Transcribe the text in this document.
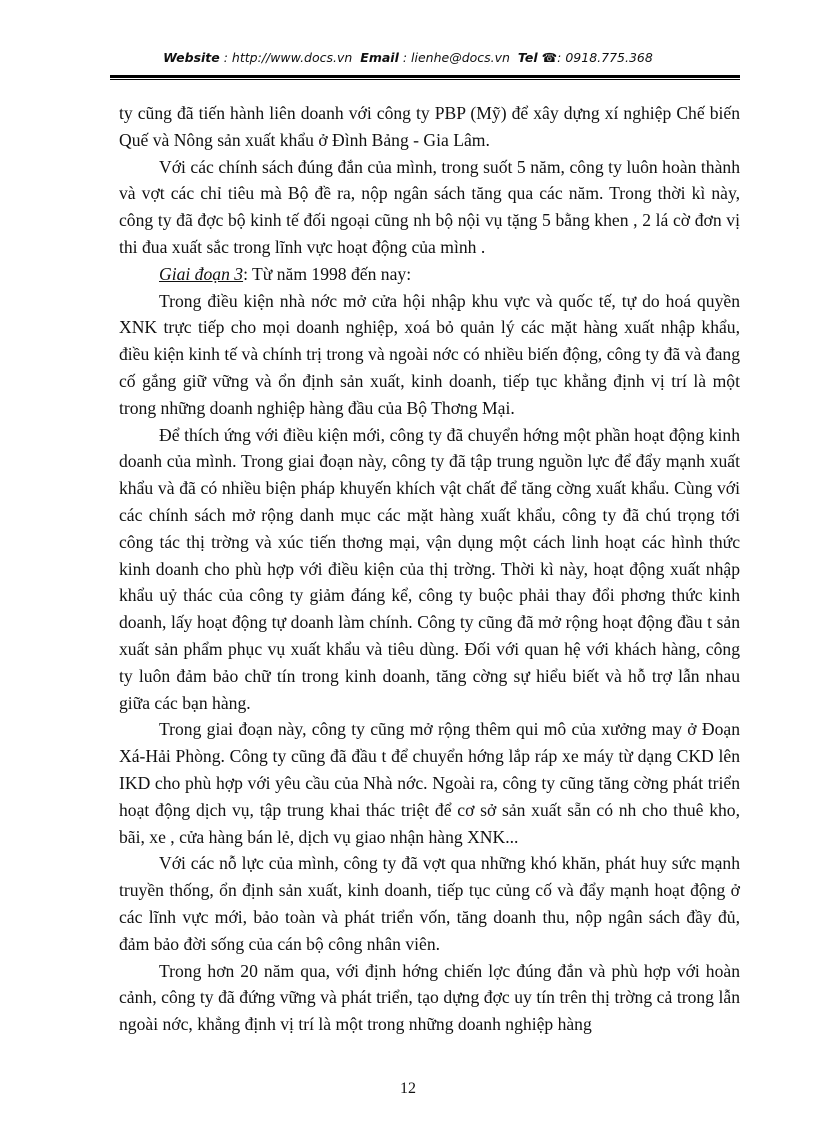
Website : http://www.docs.vn Email : lienhe@docs.vn Tel ☎: 0918.775.368

ty cũng đã tiến hành liên doanh với công ty PBP (Mỹ) để xây dựng xí nghiệp Chế biến Quế và Nông sản xuất khẩu ở Đình Bảng - Gia Lâm.

Với các chính sách đúng đắn của mình, trong suốt 5 năm, công ty luôn hoàn thành và vợt các chỉ tiêu mà Bộ đề ra, nộp ngân sách tăng qua các năm. Trong thời kì này, công ty đã đợc bộ kinh tế đối ngoại cũng nh bộ nội vụ tặng 5 bằng khen , 2 lá cờ đơn vị thi đua xuất sắc trong lĩnh vực hoạt động của mình .

Giai đoạn 3: Từ năm 1998 đến nay:

Trong điều kiện nhà nớc mở cửa hội nhập khu vực và quốc tế, tự do hoá quyền XNK trực tiếp cho mọi doanh nghiệp, xoá bỏ quản lý các mặt hàng xuất nhập khẩu, điều kiện kinh tế và chính trị trong và ngoài nớc có nhiều biến động, công ty đã và đang cố gắng giữ vững và ổn định sản xuất, kinh doanh, tiếp tục khẳng định vị trí là một trong những doanh nghiệp hàng đầu của Bộ Thơng Mại.

Để thích ứng với điều kiện mới, công ty đã chuyển hớng một phần hoạt động kinh doanh của mình. Trong giai đoạn này, công ty đã tập trung nguồn lực để đẩy mạnh xuất khẩu và đã có nhiều biện pháp khuyến khích vật chất để tăng cờng xuất khẩu. Cùng với các chính sách mở rộng danh mục các mặt hàng xuất khẩu, công ty đã chú trọng tới công tác thị trờng và xúc tiến thơng mại, vận dụng một cách linh hoạt các hình thức kinh doanh cho phù hợp với điều kiện của thị trờng. Thời kì này, hoạt động xuất nhập khẩu uỷ thác của công ty giảm đáng kể, công ty buộc phải thay đổi phơng thức kinh doanh, lấy hoạt động tự doanh làm chính. Công ty cũng đã mở rộng hoạt động đầu t sản xuất sản phẩm phục vụ xuất khẩu và tiêu dùng. Đối với quan hệ với khách hàng, công ty luôn đảm bảo chữ tín trong kinh doanh, tăng cờng sự hiểu biết và hỗ trợ lẫn nhau giữa các bạn hàng.

Trong giai đoạn này, công ty cũng mở rộng thêm qui mô của xưởng may ở Đoạn Xá-Hải Phòng. Công ty cũng đã đầu t để chuyển hớng lắp ráp xe máy từ dạng CKD lên IKD cho phù hợp với yêu cầu của Nhà nớc. Ngoài ra, công ty cũng tăng cờng phát triển hoạt động dịch vụ, tập trung khai thác triệt để cơ sở sản xuất sẵn có nh cho thuê kho, bãi, xe , cửa hàng bán lẻ, dịch vụ giao nhận hàng XNK...

Với các nỗ lực của mình, công ty đã vợt qua những khó khăn, phát huy sức mạnh truyền thống, ổn định sản xuất, kinh doanh, tiếp tục củng cố và đẩy mạnh hoạt động ở các lĩnh vực mới, bảo toàn và phát triển vốn, tăng doanh thu, nộp ngân sách đầy đủ, đảm bảo đời sống của cán bộ công nhân viên.

Trong hơn 20 năm qua, với định hớng chiến lợc đúng đắn và phù hợp với hoàn cảnh, công ty đã đứng vững và phát triển, tạo dựng đợc uy tín trên thị trờng cả trong lẫn ngoài nớc, khẳng định vị trí là một trong những doanh nghiệp hàng

12
